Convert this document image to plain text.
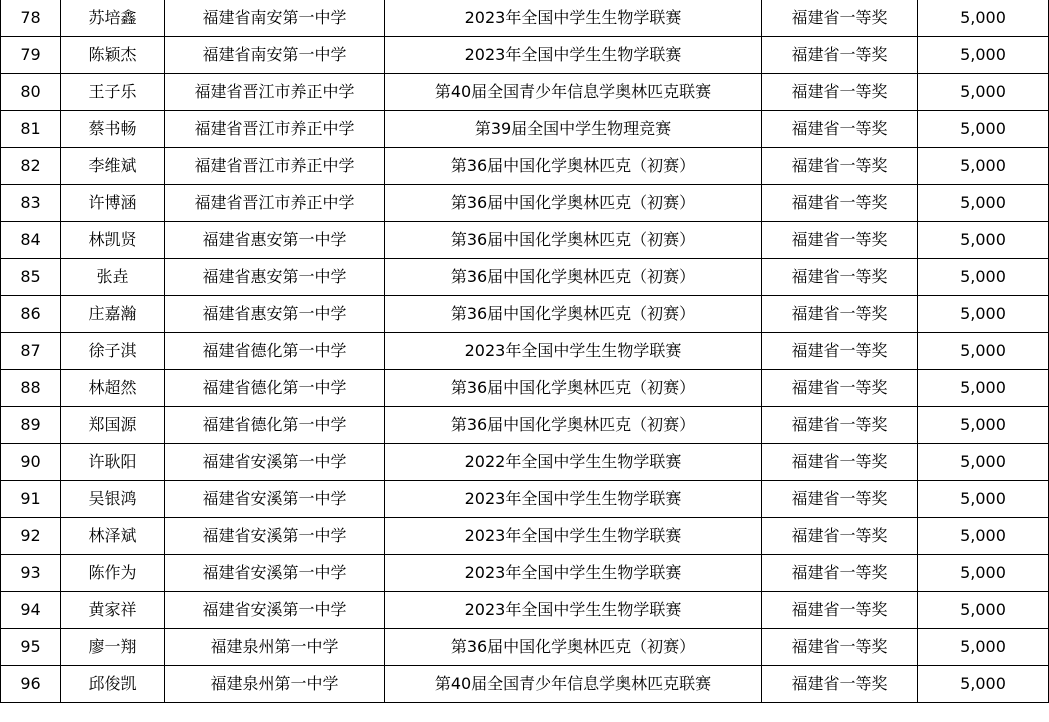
78	苏培鑫	福建省南安第一中学	2023年全国中学生生物学联赛	福建省一等奖	5,000
79	陈颖杰	福建省南安第一中学	2023年全国中学生生物学联赛	福建省一等奖	5,000
80	王子乐	福建省晋江市养正中学	第40届全国青少年信息学奥林匹克联赛	福建省一等奖	5,000
81	蔡书畅	福建省晋江市养正中学	第39届全国中学生物理竞赛	福建省一等奖	5,000
82	李维斌	福建省晋江市养正中学	第36届中国化学奥林匹克（初赛）	福建省一等奖	5,000
83	许博涵	福建省晋江市养正中学	第36届中国化学奥林匹克（初赛）	福建省一等奖	5,000
84	林凯贤	福建省惠安第一中学	第36届中国化学奥林匹克（初赛）	福建省一等奖	5,000
85	张垚	福建省惠安第一中学	第36届中国化学奥林匹克（初赛）	福建省一等奖	5,000
86	庄嘉瀚	福建省惠安第一中学	第36届中国化学奥林匹克（初赛）	福建省一等奖	5,000
87	徐子淇	福建省德化第一中学	2023年全国中学生生物学联赛	福建省一等奖	5,000
88	林超然	福建省德化第一中学	第36届中国化学奥林匹克（初赛）	福建省一等奖	5,000
89	郑国源	福建省德化第一中学	第36届中国化学奥林匹克（初赛）	福建省一等奖	5,000
90	许耿阳	福建省安溪第一中学	2022年全国中学生生物学联赛	福建省一等奖	5,000
91	吴银鸿	福建省安溪第一中学	2023年全国中学生生物学联赛	福建省一等奖	5,000
92	林泽斌	福建省安溪第一中学	2023年全国中学生生物学联赛	福建省一等奖	5,000
93	陈作为	福建省安溪第一中学	2023年全国中学生生物学联赛	福建省一等奖	5,000
94	黄家祥	福建省安溪第一中学	2023年全国中学生生物学联赛	福建省一等奖	5,000
95	廖一翔	福建泉州第一中学	第36届中国化学奥林匹克（初赛）	福建省一等奖	5,000
96	邱俊凯	福建泉州第一中学	第40届全国青少年信息学奥林匹克联赛	福建省一等奖	5,000
